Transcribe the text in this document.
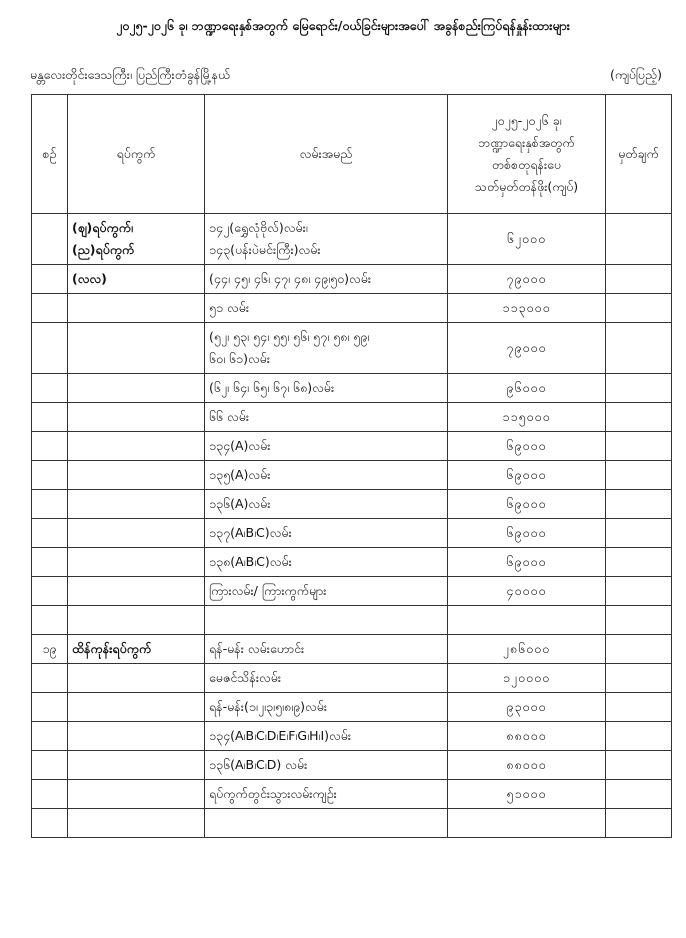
၂၀၂၅-၂၀၂၆ ခု၊ ဘဏ္ဍာရေးနှစ်အတွက် မြေရောင်း/ဝယ်ခြင်းများအပေါ် အခွန်စည်းကြပ်ရန်နှုန်းထားများ
မန္တလေးတိုင်းဒေသကြီး၊ ပြည်ကြီးတံခွန်မြို့နယ်	(ကျပ်ပြည့်)
စဉ်	ရပ်ကွက်	လမ်းအမည်	၂၀၂၅-၂၀၂၆ ခု၊
ဘဏ္ဍာရေးနှစ်အတွက်
တစ်စတုရန်းပေ
သတ်မှတ်တန်ဖိုး(ကျပ်)	မှတ်ချက်

	(ဈ)ရပ်ကွက်၊
(ည)ရပ်ကွက်	၁၄၂(ရွှေလုံဗိုလ်)လမ်း၊
၁၄၃(ပန်းပဲမင်းကြီး)လမ်း	၆၂၀၀၀	

	(လလ)	(၄၄၊ ၄၅၊ ၄၆၊ ၄၇၊ ၄၈၊ ၄၉၊၅၀)လမ်း	၇၉၀၀၀	

		၅၁ လမ်း	၁၁၃၀၀၀	

		(၅၂၊ ၅၃၊ ၅၄၊ ၅၅၊ ၅၆၊ ၅၇၊ ၅၈၊ ၅၉၊
၆၀၊ ၆၁)လမ်း	၇၉၀၀၀	

		(၆၂၊ ၆၄၊ ၆၅၊ ၆၇၊ ၆၈)လမ်း	၉၆၀၀၀	

		၆၆ လမ်း	၁၁၅၀၀၀	

		၁၃၄(A)လမ်း	၆၉၀၀၀	

		၁၃၅(A)လမ်း	၆၉၀၀၀	

		၁၃၆(A)လမ်း	၆၉၀၀၀	

		၁၃၇(A၊B၊C)လမ်း	၆၉၀၀၀	

		၁၃၈(A၊B၊C)လမ်း	၆၉၀၀၀	

		ကြားလမ်း/ ကြားကွက်များ	၄၀၀၀၀	

၁၉	ထိန်ကုန်းရပ်ကွက်	ရန်-မန်း လမ်းဟောင်း	၂၈၆၀၀၀	

		မေဇင်သိန်းလမ်း	၁၂၀၀၀၀	

		ရန်-မန်း(၁၊၂၊၃၊၅၊၈၊၉)လမ်း	၉၃၀၀၀	

		၁၃၄(A၊B၊C၊D၊E၊F၊G၊H၊I)လမ်း	၈၈၀၀၀	

		၁၃၆(A၊B၊C၊D) လမ်း	၈၈၀၀၀	

		ရပ်ကွက်တွင်းသွားလမ်းကျဉ်း	၅၁၀၀၀	
